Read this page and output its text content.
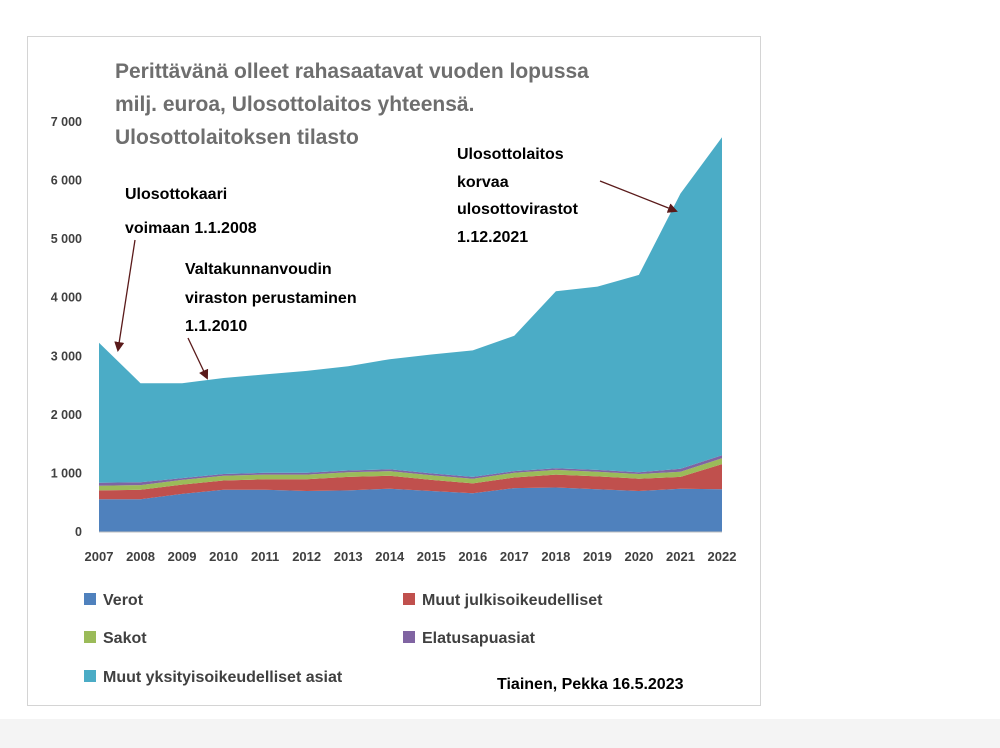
Perittävänä olleet rahasaatavat vuoden lopussa
milj. euroa, Ulosottolaitos yhteensä.
Ulosottolaitoksen tilasto
0
1 000
2 000
3 000
4 000
5 000
6 000
7 000
2007 2008 2009 2010 2011 2012 2013 2014 2015 2016 2017 2018 2019 2020 2021 2022
Ulosottokaari
voimaan 1.1.2008
Valtakunnanvoudin
viraston perustaminen
1.1.2010
Ulosottolaitos
korvaa
ulosottovirastot
1.12.2021
Verot	Muut julkisoikeudelliset
Sakot	Elatusapuasiat
Muut yksityisoikeudelliset asiat	Tiainen, Pekka 16.5.2023
